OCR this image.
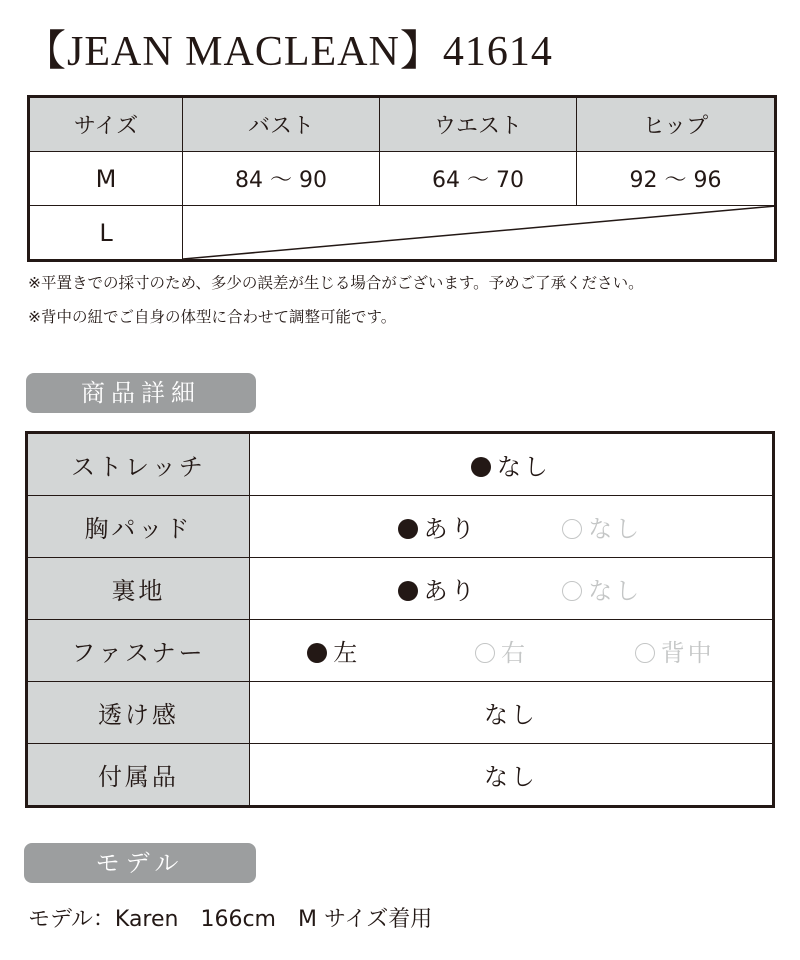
【JEAN MACLEAN】41614
サイズ	バスト	ウエスト	ヒップ
M	84 ～ 90	64 ～ 70	92 ～ 96
L	
※平置きでの採寸のため、多少の誤差が生じる場合がございます。予めご了承ください。
※背中の紐でご自身の体型に合わせて調整可能です。
商品詳細
ストレッチ	なし
胸パッド	あり なし
裏地	あり なし
ファスナー	左 右 背中
透け感	なし
付属品	なし
モデル
モデル：Karen　166cm　M サイズ着用
